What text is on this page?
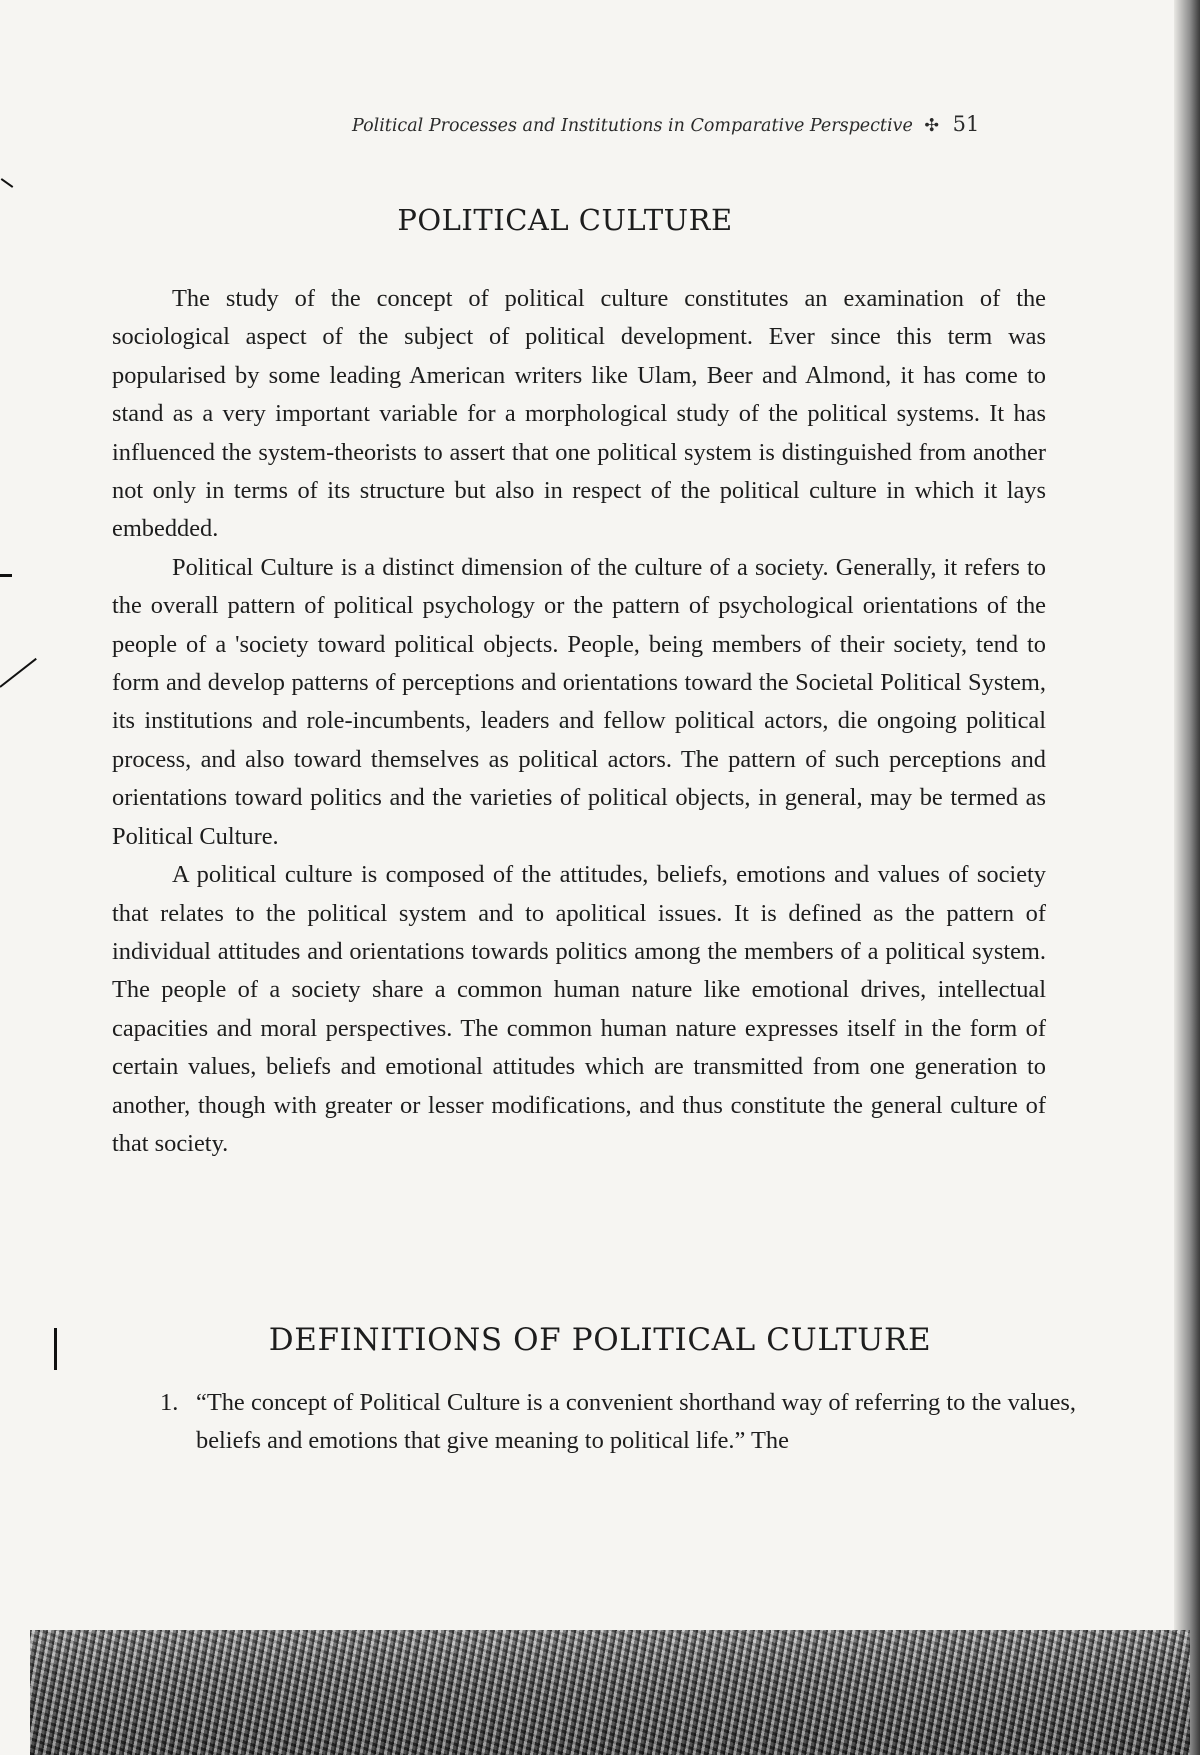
Political Processes and Institutions in Comparative Perspective ✣ 51
POLITICAL CULTURE

The study of the concept of political culture constitutes an examination of the sociological aspect of the subject of political development. Ever since this term was popularised by some leading American writers like Ulam, Beer and Almond, it has come to stand as a very important variable for a morphological study of the political systems. It has influenced the system-theorists to assert that one political system is distinguished from another not only in terms of its structure but also in respect of the political culture in which it lays embedded.

Political Culture is a distinct dimension of the culture of a society. Generally, it refers to the overall pattern of political psychology or the pattern of psychological orientations of the people of a 'society toward political objects. People, being members of their society, tend to form and develop patterns of perceptions and orientations toward the Societal Political System, its institutions and role-incumbents, leaders and fellow political actors, die ongoing political process, and also toward themselves as political actors. The pattern of such perceptions and orientations toward politics and the varieties of political objects, in general, may be termed as Political Culture.

A political culture is composed of the attitudes, beliefs, emotions and values of society that relates to the political system and to apolitical issues. It is defined as the pattern of individual attitudes and orientations towards politics among the members of a political system. The people of a society share a common human nature like emotional drives, intellectual capacities and moral perspectives. The common human nature expresses itself in the form of certain values, beliefs and emotional attitudes which are transmitted from one generation to another, though with greater or lesser modifications, and thus constitute the general culture of that society.

DEFINITIONS OF POLITICAL CULTURE
1. “The concept of Political Culture is a convenient shorthand way of referring to the values, beliefs and emotions that give meaning to political life.” The
